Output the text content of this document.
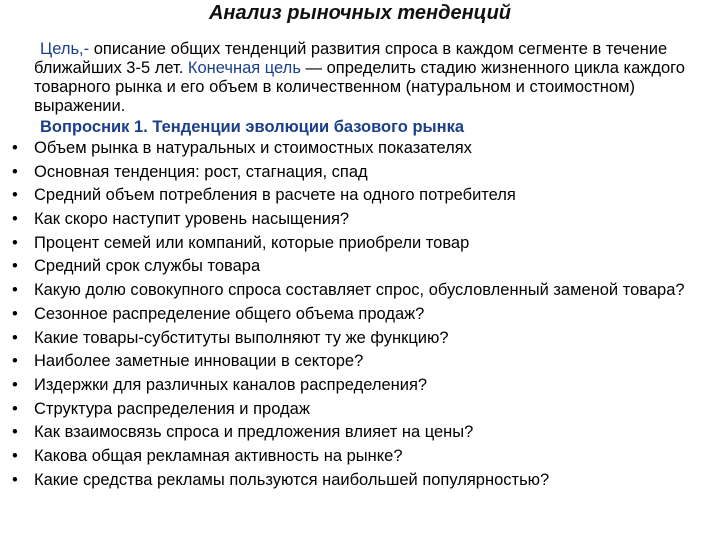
Анализ рыночных тенденций
Цель,- описание общих тенденций развития спроса в каждом сегменте в течение ближайших 3-5 лет. Конечная цель — определить стадию жизненного цикла каждого товарного рынка и его объем в количественном (натуральном и стоимостном) выражении.
Вопросник 1. Тенденции эволюции базового рынка
• Объем рынка в натуральных и стоимостных показателях
• Основная тенденция: рост, стагнация, спад
• Средний объем потребления в расчете на одного потребителя
• Как скоро наступит уровень насыщения?
• Процент семей или компаний, которые приобрели товар
• Средний срок службы товара
• Какую долю совокупного спроса составляет спрос, обусловленный заменой товара?
• Сезонное распределение общего объема продаж?
• Какие товары-субституты выполняют ту же функцию?
• Наиболее заметные инновации в секторе?
• Издержки для различных каналов распределения?
• Структура распределения и продаж
• Как взаимосвязь спроса и предложения влияет на цены?
• Какова общая рекламная активность на рынке?
• Какие средства рекламы пользуются наибольшей популярностью?
